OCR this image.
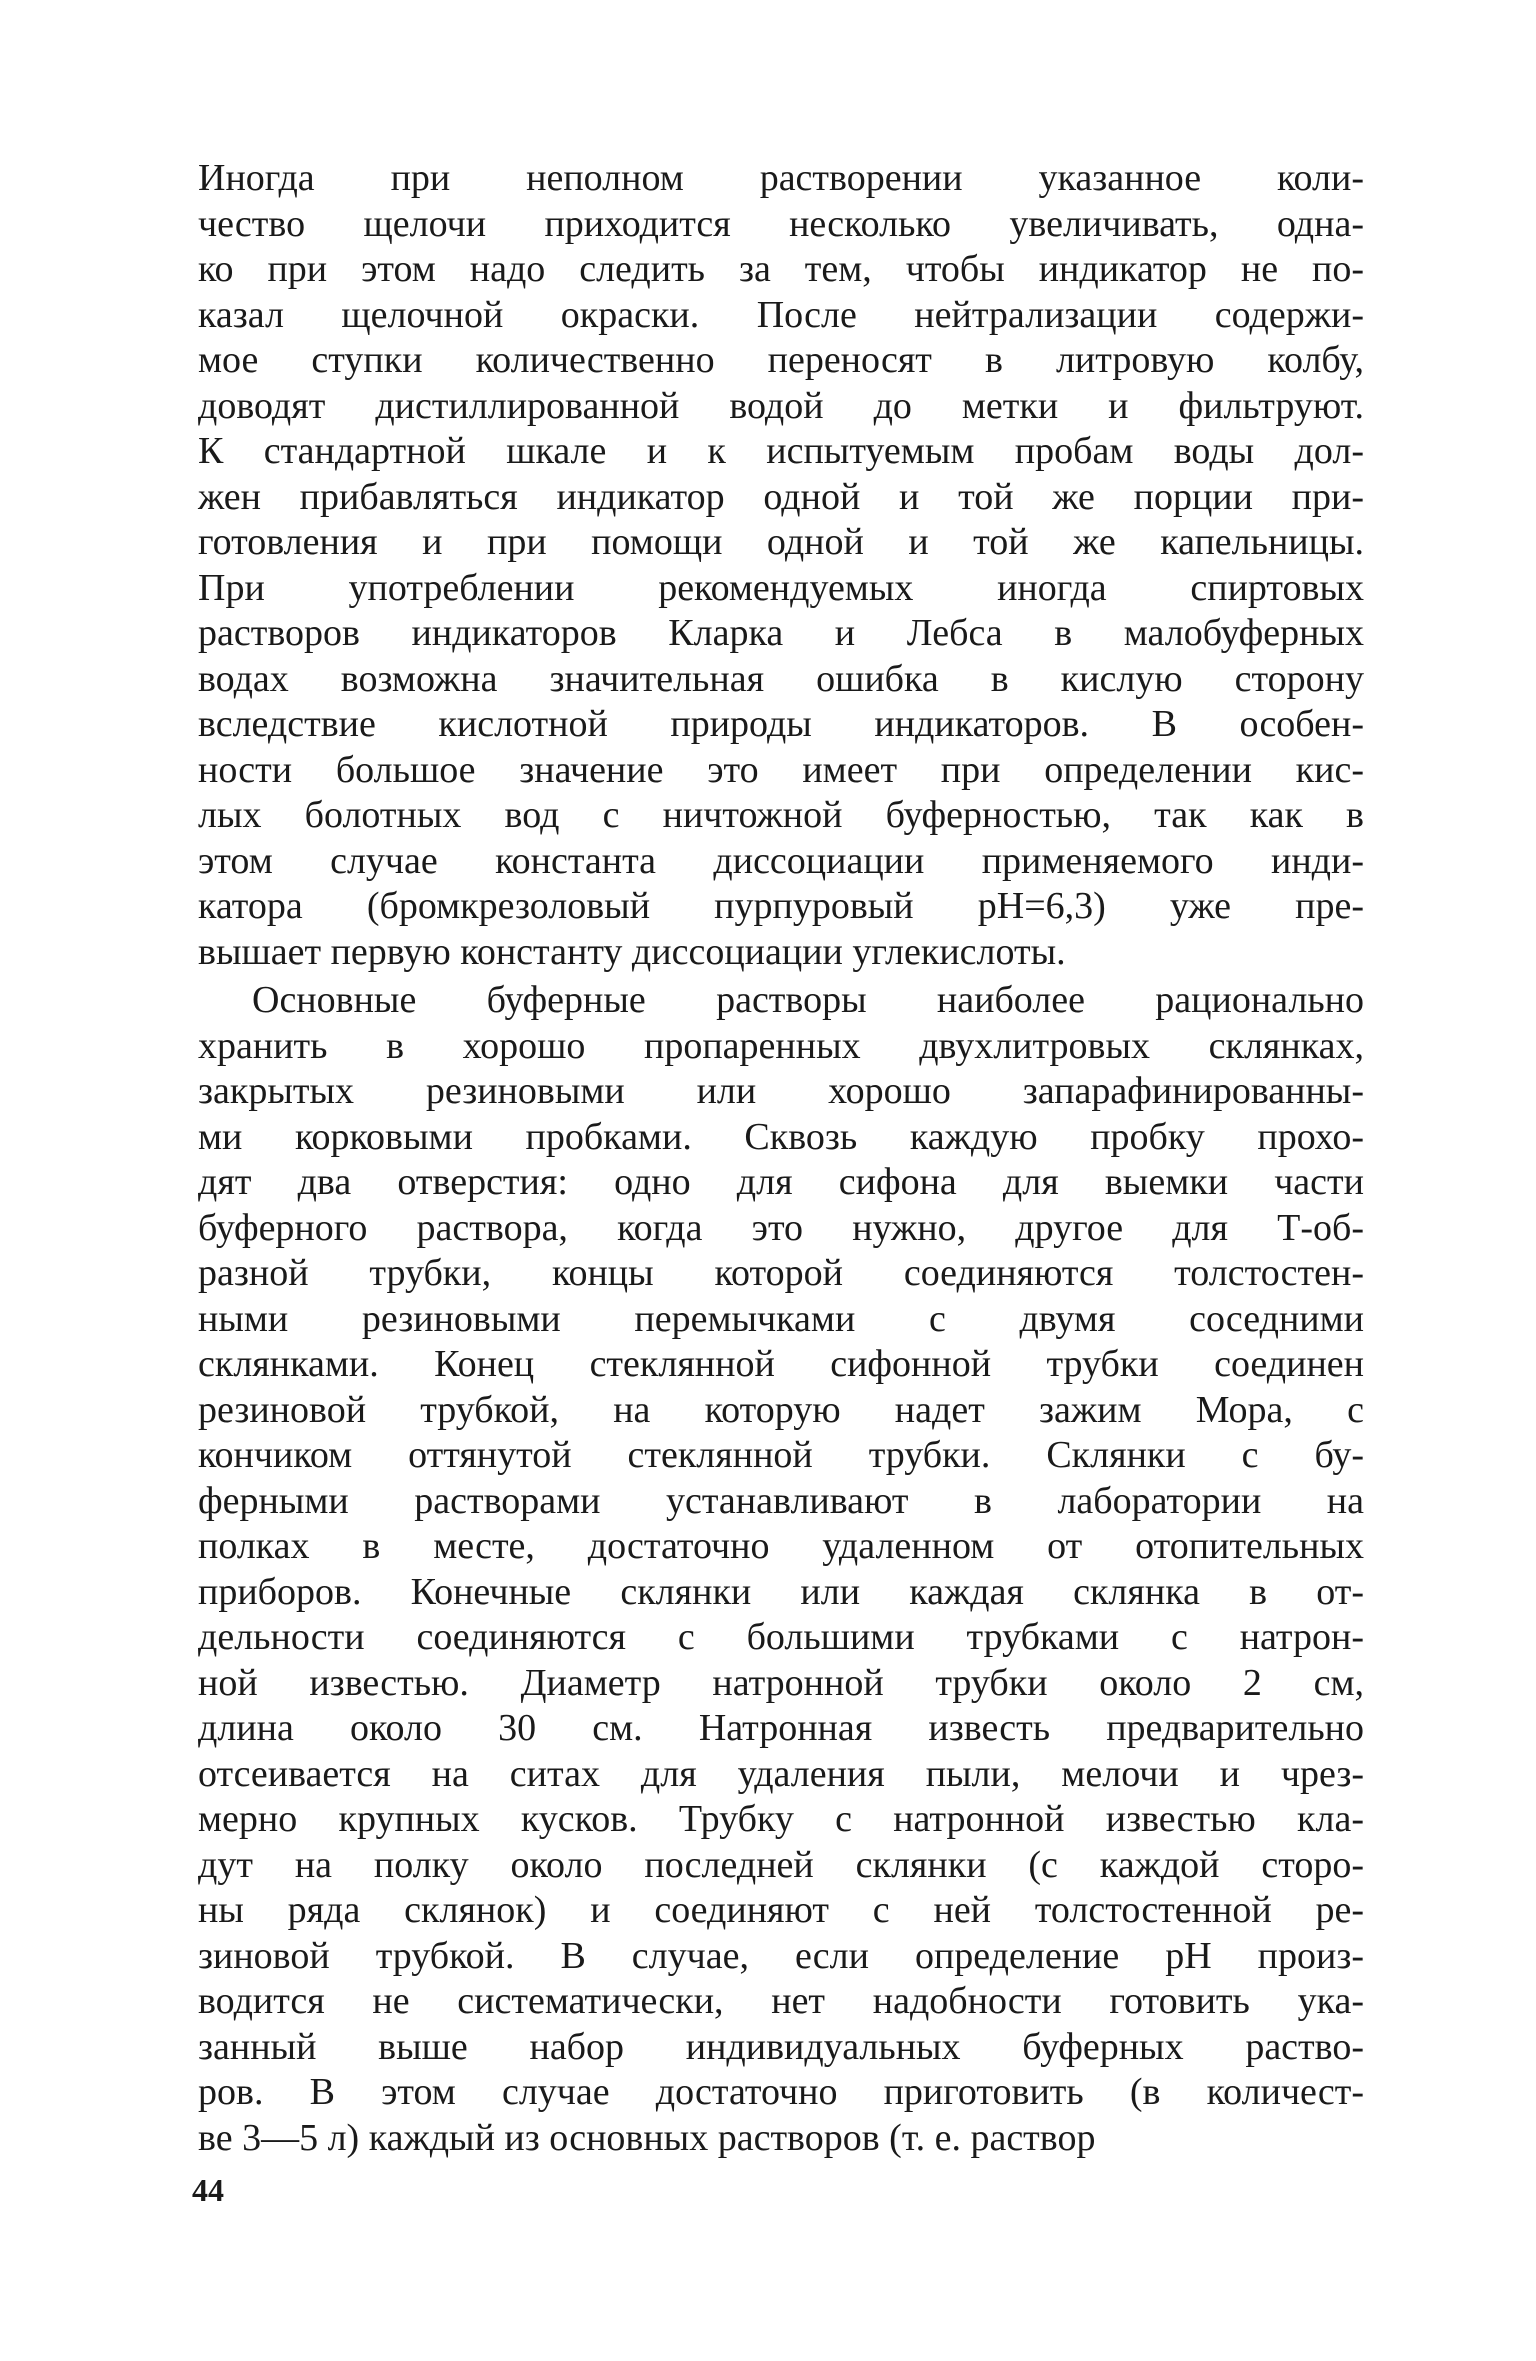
Иногда при неполном растворении указанное коли-
чество щелочи приходится несколько увеличивать, одна-
ко при этом надо следить за тем, чтобы индикатор не по-
казал щелочной окраски. После нейтрализации содержи-
мое ступки количественно переносят в литровую колбу,
доводят дистиллированной водой до метки и фильтруют.
К стандартной шкале и к испытуемым пробам воды дол-
жен прибавляться индикатор одной и той же порции при-
готовления и при помощи одной и той же капельницы.
При употреблении рекомендуемых иногда спиртовых
растворов индикаторов Кларка и Лебса в малобуферных
водах возможна значительная ошибка в кислую сторону
вследствие кислотной природы индикаторов. В особен-
ности большое значение это имеет при определении кис-
лых болотных вод с ничтожной буферностью, так как в
этом случае константа диссоциации применяемого инди-
катора (бромкрезоловый пурпуровый рН=6,3) уже пре-
вышает первую константу диссоциации углекислоты.
Основные буферные растворы наиболее рационально
хранить в хорошо пропаренных двухлитровых склянках,
закрытых резиновыми или хорошо запарафинированны-
ми корковыми пробками. Сквозь каждую пробку прохо-
дят два отверстия: одно для сифона для выемки части
буферного раствора, когда это нужно, другое для Т-об-
разной трубки, концы которой соединяются толстостен-
ными резиновыми перемычками с двумя соседними
склянками. Конец стеклянной сифонной трубки соединен
резиновой трубкой, на которую надет зажим Мора, с
кончиком оттянутой стеклянной трубки. Склянки с бу-
ферными растворами устанавливают в лаборатории на
полках в месте, достаточно удаленном от отопительных
приборов. Конечные склянки или каждая склянка в от-
дельности соединяются с большими трубками с натрон-
ной известью. Диаметр натронной трубки около 2 см,
длина около 30 см. Натронная известь предварительно
отсеивается на ситах для удаления пыли, мелочи и чрез-
мерно крупных кусков. Трубку с натронной известью кла-
дут на полку около последней склянки (с каждой сторо-
ны ряда склянок) и соединяют с ней толстостенной ре-
зиновой трубкой. В случае, если определение рН произ-
водится не систематически, нет надобности готовить ука-
занный выше набор индивидуальных буферных раство-
ров. В этом случае достаточно приготовить (в количест-
ве 3—5 л) каждый из основных растворов (т. е. раствор
44
